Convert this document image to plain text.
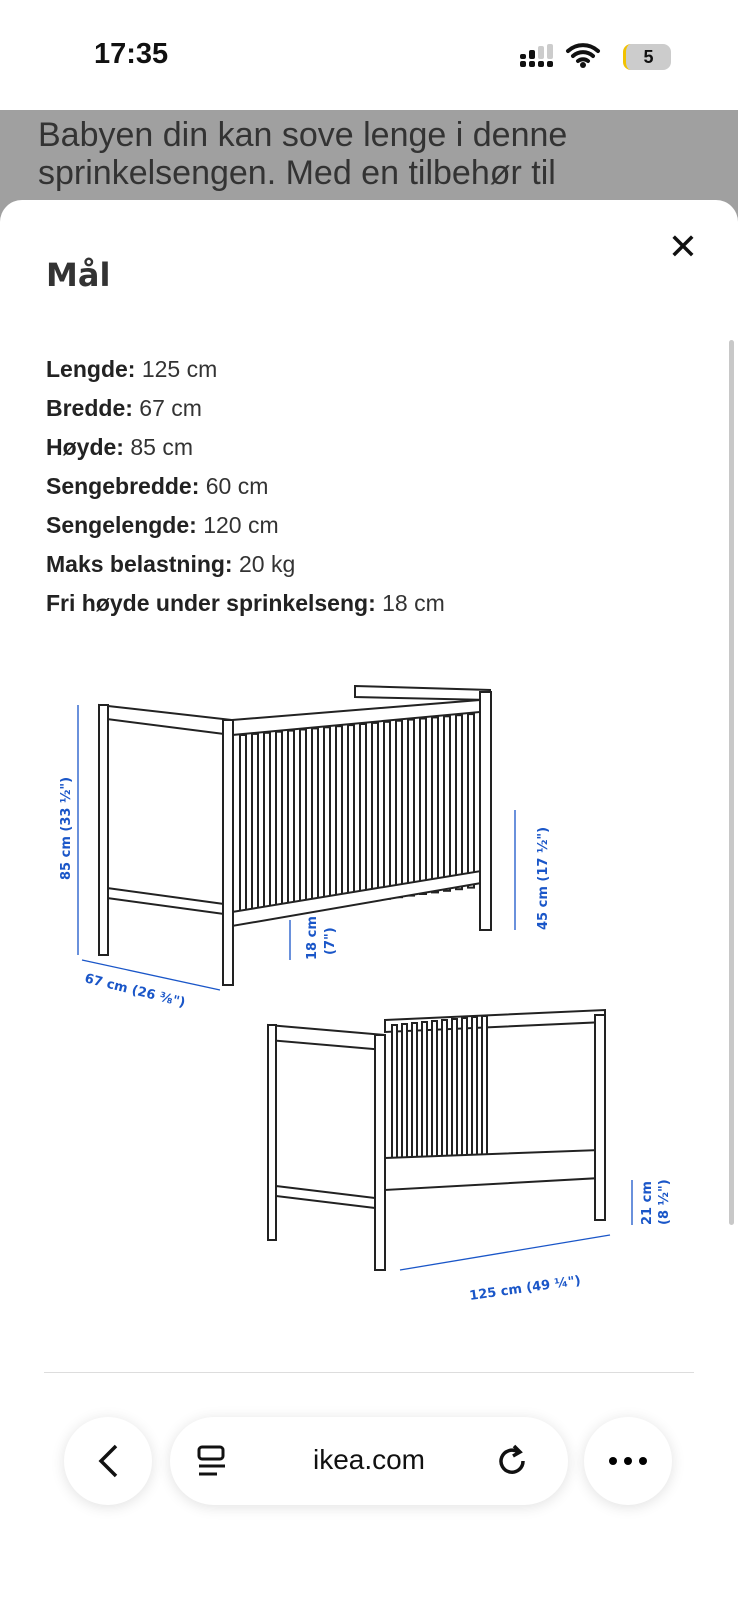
17:35	5

Babyen din kan sove lenge i denne sprinkelsengen. Med en tilbehør til

✕
Mål
Lengde: 125 cm
Bredde: 67 cm
Høyde: 85 cm
Sengebredde: 60 cm
Sengelengde: 120 cm
Maks belastning: 20 kg
Fri høyde under sprinkelseng: 18 cm
85 cm (33 ½")
67 cm (26 ⅜")
18 cm (7")
45 cm (17 ½")
21 cm (8 ½")
125 cm (49 ¼")
ikea.com
